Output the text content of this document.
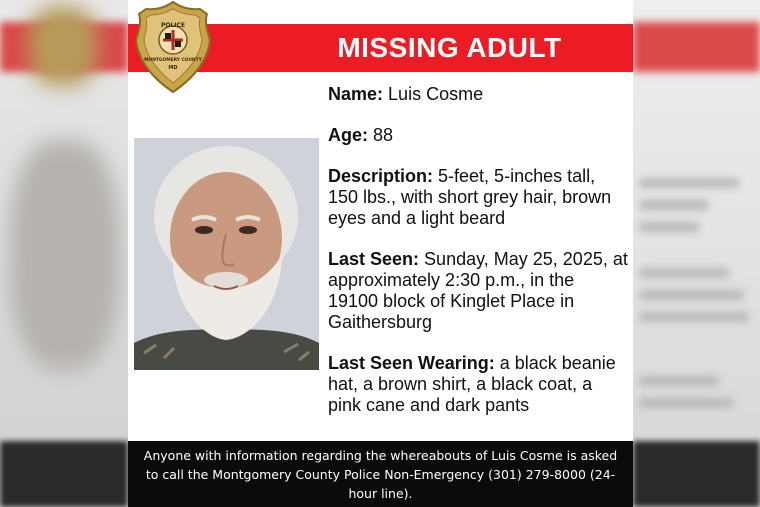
MISSING ADULT
POLICE
MONTGOMERY COUNTY
MD
Name: Luis Cosme
Age: 88
Description: 5-feet, 5-inches tall, 150 lbs., with short grey hair, brown eyes and a light beard
Last Seen: Sunday, May 25, 2025, at approximately 2:30 p.m., in the 19100 block of Kinglet Place in Gaithersburg
Last Seen Wearing: a black beanie hat, a brown shirt, a black coat, a pink cane and dark pants
Anyone with information regarding the whereabouts of Luis Cosme is asked to call the Montgomery County Police Non-Emergency (301) 279-8000 (24-hour line).
